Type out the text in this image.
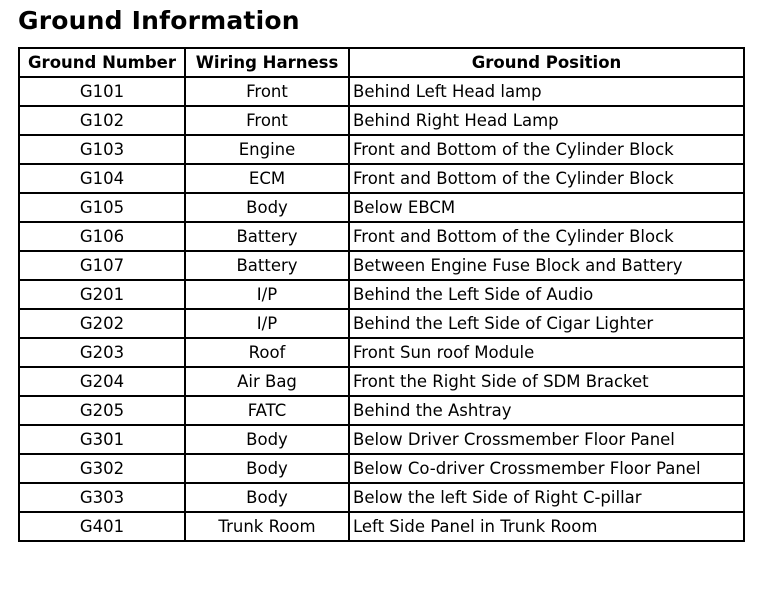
Ground Information
Ground Number	Wiring Harness	Ground Position
G101	Front	Behind Left Head lamp
G102	Front	Behind Right Head Lamp
G103	Engine	Front and Bottom of the Cylinder Block
G104	ECM	Front and Bottom of the Cylinder Block
G105	Body	Below EBCM
G106	Battery	Front and Bottom of the Cylinder Block
G107	Battery	Between Engine Fuse Block and Battery
G201	I/P	Behind the Left Side of Audio
G202	I/P	Behind the Left Side of Cigar Lighter
G203	Roof	Front Sun roof Module
G204	Air Bag	Front the Right Side of SDM Bracket
G205	FATC	Behind the Ashtray
G301	Body	Below Driver Crossmember Floor Panel
G302	Body	Below Co-driver Crossmember Floor Panel
G303	Body	Below the left Side of Right C-pillar
G401	Trunk Room	Left Side Panel in Trunk Room
